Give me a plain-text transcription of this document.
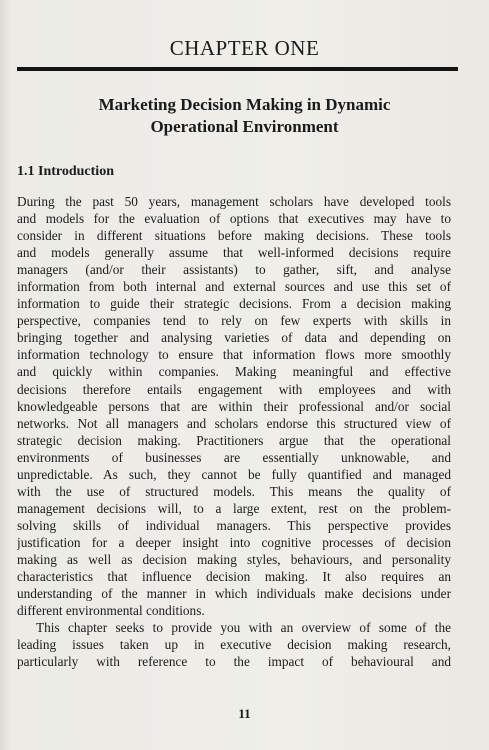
CHAPTER ONE
Marketing Decision Making in Dynamic
Operational Environment
1.1 Introduction
During the past 50 years, management scholars have developed tools
and models for the evaluation of options that executives may have to
consider in different situations before making decisions. These tools
and models generally assume that well-informed decisions require
managers (and/or their assistants) to gather, sift, and analyse
information from both internal and external sources and use this set of
information to guide their strategic decisions. From a decision making
perspective, companies tend to rely on few experts with skills in
bringing together and analysing varieties of data and depending on
information technology to ensure that information flows more smoothly
and quickly within companies. Making meaningful and effective
decisions therefore entails engagement with employees and with
knowledgeable persons that are within their professional and/or social
networks. Not all managers and scholars endorse this structured view of
strategic decision making. Practitioners argue that the operational
environments of businesses are essentially unknowable, and
unpredictable. As such, they cannot be fully quantified and managed
with the use of structured models. This means the quality of
management decisions will, to a large extent, rest on the problem-
solving skills of individual managers. This perspective provides
justification for a deeper insight into cognitive processes of decision
making as well as decision making styles, behaviours, and personality
characteristics that influence decision making. It also requires an
understanding of the manner in which individuals make decisions under
different environmental conditions.
This chapter seeks to provide you with an overview of some of the
leading issues taken up in executive decision making research,
particularly with reference to the impact of behavioural and
11
